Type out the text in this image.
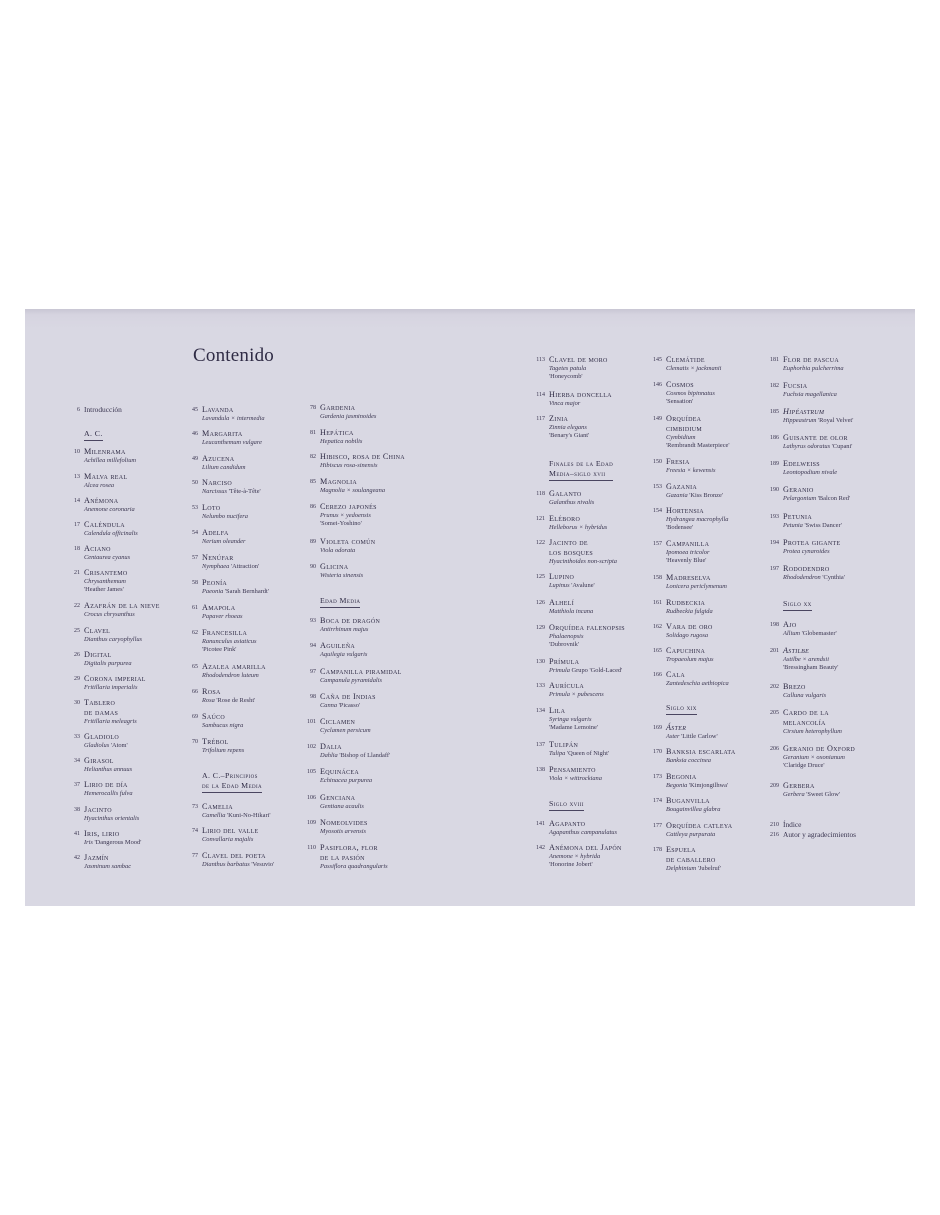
Contenido
6 Introducción
A. C.
10 Milenrama
Achillea millefolium
13 Malva real
Alcea rosea
14 Anémona
Anemone coronaria
17 Caléndula
Calendula officinalis
18 Aciano
Centaurea cyanus
21 Crisantemo
Chrysanthemum
'Heather James'
22 Azafrán de la nieve
Crocus chrysanthus
25 Clavel
Dianthus caryophyllus
26 Digital
Digitalis purpurea
29 Corona imperial
Fritillaria imperialis
30 Tablero
de damas
Fritillaria meleagris
33 Gladiolo
Gladiolus 'Atom'
34 Girasol
Helianthus annuus
37 Lirio de día
Hemerocallis fulva
38 Jacinto
Hyacinthus orientalis
41 Iris, lirio
Iris 'Dangerous Mood'
42 Jazmín
Jasminum sambac
45 Lavanda
Lavandula × intermedia
46 Margarita
Leucanthemum vulgare
49 Azucena
Lilium candidum
50 Narciso
Narcissus 'Tête-à-Tête'
53 Loto
Nelumbo nucifera
54 Adelfa
Nerium oleander
57 Nenúfar
Nymphaea 'Attraction'
58 Peonía
Paeonia 'Sarah Bernhardt'
61 Amapola
Papaver rhoeas
62 Francesilla
Ranunculus asiaticus
'Picotee Pink'
65 Azalea amarilla
Rhododendron luteum
66 Rosa
Rosa 'Rose de Resht'
69 Saúco
Sambucus nigra
70 Trébol
Trifolium repens
A. C.–Principios
de la Edad Media
73 Camelia
Camellia 'Kuni-No-Hikari'
74 Lirio del valle
Convallaria majalis
77 Clavel del poeta
Dianthus barbatus 'Vesuvio'
78 Gardenia
Gardenia jasminoides
81 Hepática
Hepatica nobilis
82 Hibisco, rosa de China
Hibiscus rosa-sinensis
85 Magnolia
Magnolia × soulangeana
86 Cerezo japonés
Prunus × yedoensis
'Somei-Yoshino'
89 Violeta común
Viola odorata
90 Glicina
Wisteria sinensis
Edad Media
93 Boca de dragón
Antirrhinum majus
94 Aguileña
Aquilegia vulgaris
97 Campanilla piramidal
Campanula pyramidalis
98 Caña de Indias
Canna 'Picasso'
101 Ciclamen
Cyclamen persicum
102 Dalia
Dahlia 'Bishop of Llandaff'
105 Equinácea
Echinacea purpurea
106 Genciana
Gentiana acaulis
109 Nomeolvides
Myosotis arvensis
110 Pasiflora, flor
de la pasión
Passiflora quadrangularis
113 Clavel de moro
Tagetes patula
'Honeycomb'
114 Hierba doncella
Vinca major
117 Zinia
Zinnia elegans
'Benary's Giant'
Finales de la Edad
Media–siglo xvii
118 Galanto
Galanthus nivalis
121 Eléboro
Helleborus × hybridus
122 Jacinto de
los bosques
Hyacinthoides non-scripta
125 Lupino
Lupinus 'Avalune'
126 Alhelí
Matthiola incana
129 Orquídea falenopsis
Phalaenopsis
'Dubrovnik'
130 Prímula
Primula Grupo 'Gold-Laced'
133 Aurícula
Primula × pubescens
134 Lila
Syringa vulgaris
'Madame Lemoine'
137 Tulipán
Tulipa 'Queen of Night'
138 Pensamiento
Viola × wittrockiana
Siglo xviii
141 Agapanto
Agapanthus campanulatus
142 Anémona del Japón
Anemone × hybrida
'Honorine Jobert'
145 Clemátide
Clematis × jackmanii
146 Cosmos
Cosmos bipinnatus
'Sensation'
149 Orquídea
cimbidium
Cymbidium
'Rembrandt Masterpiece'
150 Fresia
Freesia × kewensis
153 Gazania
Gazania 'Kiss Bronze'
154 Hortensia
Hydrangea macrophylla
'Bodensee'
157 Campanilla
Ipomoea tricolor
'Heavenly Blue'
158 Madreselva
Lonicera periclymenum
161 Rudbeckia
Rudbeckia fulgida
162 Vara de oro
Solidago rugosa
165 Capuchina
Tropaeolum majus
166 Cala
Zantedeschia aethiopica
Siglo xix
169 Áster
Aster 'Little Carlow'
170 Banksia escarlata
Banksia coccinea
173 Begonia
Begonia 'Kimjongilhwa'
174 Buganvilla
Bougainvillea glabra
177 Orquídea catleya
Cattleya purpurata
178 Espuela
de caballero
Delphinium 'Jubelruf'
181 Flor de pascua
Euphorbia pulcherrima
182 Fucsia
Fuchsia magellanica
185 Hipéastrum
Hippeastrum 'Royal Velvet'
186 Guisante de olor
Lathyrus odoratus 'Cupani'
189 Edelweiss
Leontopodium nivale
190 Geranio
Pelargonium 'Balcon Red'
193 Petunia
Petunia 'Swiss Dancer'
194 Protea gigante
Protea cynaroides
197 Rododendro
Rhododendron 'Cynthia'
Siglo xx
198 Ajo
Allium 'Globemaster'
201 Astilbe
Astilbe × arendsii
'Bressingham Beauty'
202 Brezo
Calluna vulgaris
205 Cardo de la
melancolía
Cirsium heterophyllum
206 Geranio de Oxford
Geranium × oxonianum
'Claridge Druce'
209 Gerbera
Gerbera 'Sweet Glow'
210 Índice
216 Autor y agradecimientos
